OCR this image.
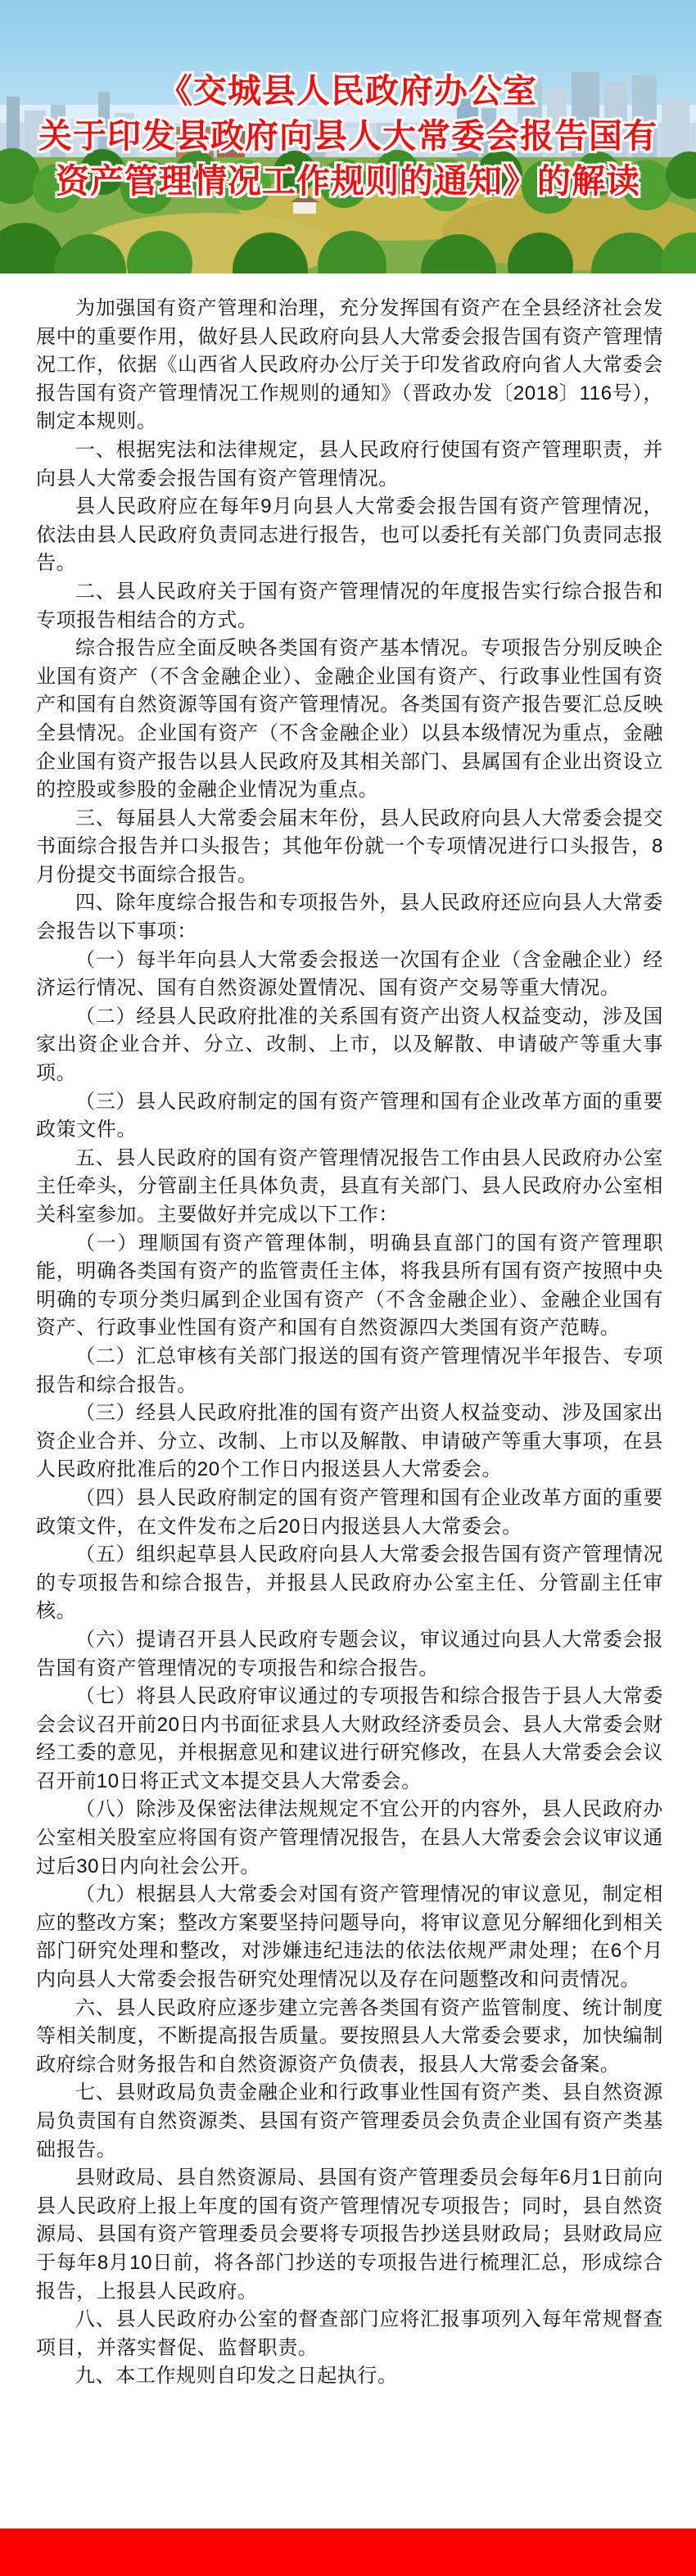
《交城县人民政府办公室
关于印发县政府向县人大常委会报告国有
资产管理情况工作规则的通知》的解读

为加强国有资产管理和治理，充分发挥国有资产在全县经济社会发展中的重要作用，做好县人民政府向县人大常委会报告国有资产管理情况工作，依据《山西省人民政府办公厅关于印发省政府向省人大常委会报告国有资产管理情况工作规则的通知》（晋政办发〔2018〕116号），制定本规则。

一、根据宪法和法律规定，县人民政府行使国有资产管理职责，并向县人大常委会报告国有资产管理情况。

县人民政府应在每年9月向县人大常委会报告国有资产管理情况，依法由县人民政府负责同志进行报告，也可以委托有关部门负责同志报告。

二、县人民政府关于国有资产管理情况的年度报告实行综合报告和专项报告相结合的方式。

综合报告应全面反映各类国有资产基本情况。专项报告分别反映企业国有资产（不含金融企业）、金融企业国有资产、行政事业性国有资产和国有自然资源等国有资产管理情况。各类国有资产报告要汇总反映全县情况。企业国有资产（不含金融企业）以县本级情况为重点，金融企业国有资产报告以县人民政府及其相关部门、县属国有企业出资设立的控股或参股的金融企业情况为重点。

三、每届县人大常委会届末年份，县人民政府向县人大常委会提交书面综合报告并口头报告；其他年份就一个专项情况进行口头报告，8月份提交书面综合报告。

四、除年度综合报告和专项报告外，县人民政府还应向县人大常委会报告以下事项：

（一）每半年向县人大常委会报送一次国有企业（含金融企业）经济运行情况、国有自然资源处置情况、国有资产交易等重大情况。

（二）经县人民政府批准的关系国有资产出资人权益变动，涉及国家出资企业合并、分立、改制、上市，以及解散、申请破产等重大事项。

（三）县人民政府制定的国有资产管理和国有企业改革方面的重要政策文件。

五、县人民政府的国有资产管理情况报告工作由县人民政府办公室主任牵头，分管副主任具体负责，县直有关部门、县人民政府办公室相关科室参加。主要做好并完成以下工作：

（一）理顺国有资产管理体制，明确县直部门的国有资产管理职能，明确各类国有资产的监管责任主体，将我县所有国有资产按照中央明确的专项分类归属到企业国有资产（不含金融企业）、金融企业国有资产、行政事业性国有资产和国有自然资源四大类国有资产范畴。

（二）汇总审核有关部门报送的国有资产管理情况半年报告、专项报告和综合报告。

（三）经县人民政府批准的国有资产出资人权益变动、涉及国家出资企业合并、分立、改制、上市以及解散、申请破产等重大事项，在县人民政府批准后的20个工作日内报送县人大常委会。

（四）县人民政府制定的国有资产管理和国有企业改革方面的重要政策文件，在文件发布之后20日内报送县人大常委会。

（五）组织起草县人民政府向县人大常委会报告国有资产管理情况的专项报告和综合报告，并报县人民政府办公室主任、分管副主任审核。

（六）提请召开县人民政府专题会议，审议通过向县人大常委会报告国有资产管理情况的专项报告和综合报告。

（七）将县人民政府审议通过的专项报告和综合报告于县人大常委会会议召开前20日内书面征求县人大财政经济委员会、县人大常委会财经工委的意见，并根据意见和建议进行研究修改，在县人大常委会会议召开前10日将正式文本提交县人大常委会。

（八）除涉及保密法律法规规定不宜公开的内容外，县人民政府办公室相关股室应将国有资产管理情况报告，在县人大常委会会议审议通过后30日内向社会公开。

（九）根据县人大常委会对国有资产管理情况的审议意见，制定相应的整改方案；整改方案要坚持问题导向，将审议意见分解细化到相关部门研究处理和整改，对涉嫌违纪违法的依法依规严肃处理；在6个月内向县人大常委会报告研究处理情况以及存在问题整改和问责情况。

六、县人民政府应逐步建立完善各类国有资产监管制度、统计制度等相关制度，不断提高报告质量。要按照县人大常委会要求，加快编制政府综合财务报告和自然资源资产负债表，报县人大常委会备案。

七、县财政局负责金融企业和行政事业性国有资产类、县自然资源局负责国有自然资源类、县国有资产管理委员会负责企业国有资产类基础报告。

县财政局、县自然资源局、县国有资产管理委员会每年6月1日前向县人民政府上报上年度的国有资产管理情况专项报告；同时，县自然资源局、县国有资产管理委员会要将专项报告抄送县财政局；县财政局应于每年8月10日前，将各部门抄送的专项报告进行梳理汇总，形成综合报告，上报县人民政府。

八、县人民政府办公室的督查部门应将汇报事项列入每年常规督查项目，并落实督促、监督职责。

九、本工作规则自印发之日起执行。
